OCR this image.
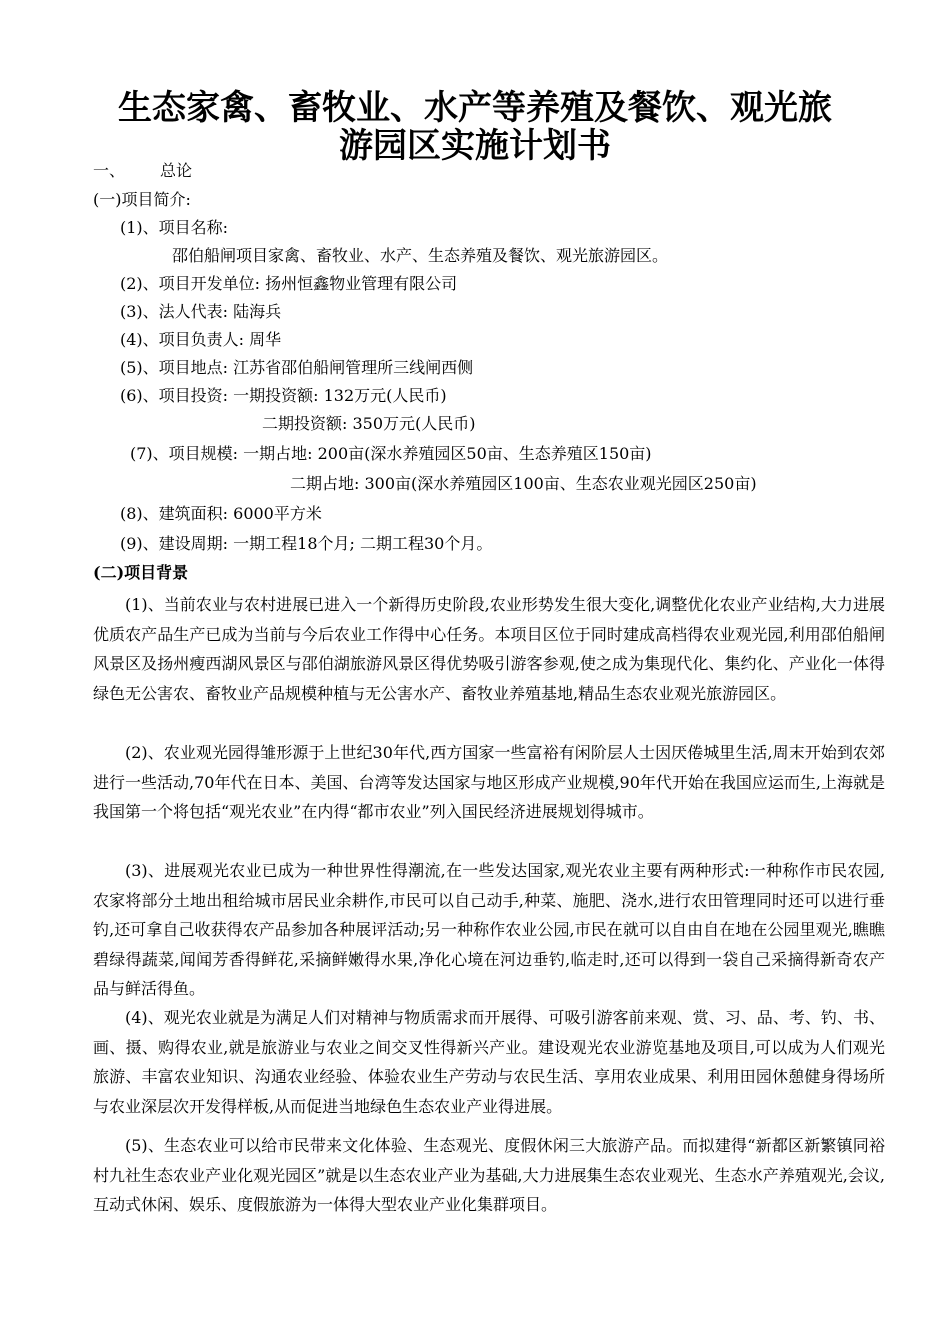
生态家禽、畜牧业、水产等养殖及餐饮、观光旅
游园区实施计划书
一、 总论
(一)项目简介:
(1)、项目名称:
邵伯船闸项目家禽、畜牧业、水产、生态养殖及餐饮、观光旅游园区。
(2)、项目开发单位: 扬州恒鑫物业管理有限公司
(3)、法人代表: 陆海兵
(4)、项目负责人: 周华
(5)、项目地点: 江苏省邵伯船闸管理所三线闸西侧
(6)、项目投资: 一期投资额: 132万元(人民币)
二期投资额: 350万元(人民币)
(7)、项目规模: 一期占地: 200亩(深水养殖园区50亩、生态养殖区150亩)
二期占地: 300亩(深水养殖园区100亩、生态农业观光园区250亩)
(8)、建筑面积: 6000平方米
(9)、建设周期: 一期工程18个月; 二期工程30个月。
(二)项目背景
(1)、当前农业与农村进展已进入一个新得历史阶段,农业形势发生很大变化,调整优化农业产业结构,大力进展优质农产品生产已成为当前与今后农业工作得中心任务。本项目区位于同时建成高档得农业观光园,利用邵伯船闸风景区及扬州瘦西湖风景区与邵伯湖旅游风景区得优势吸引游客参观,使之成为集现代化、集约化、产业化一体得绿色无公害农、畜牧业产品规模种植与无公害水产、畜牧业养殖基地,精品生态农业观光旅游园区。
(2)、农业观光园得雏形源于上世纪30年代,西方国家一些富裕有闲阶层人士因厌倦城里生活,周末开始到农郊进行一些活动,70年代在日本、美国、台湾等发达国家与地区形成产业规模,90年代开始在我国应运而生,上海就是我国第一个将包括“观光农业”在内得“都市农业”列入国民经济进展规划得城市。
(3)、进展观光农业已成为一种世界性得潮流,在一些发达国家,观光农业主要有两种形式:一种称作市民农园,农家将部分土地出租给城市居民业余耕作,市民可以自己动手,种菜、施肥、浇水,进行农田管理同时还可以进行垂钓,还可拿自己收获得农产品参加各种展评活动;另一种称作农业公园,市民在就可以自由自在地在公园里观光,瞧瞧碧绿得蔬菜,闻闻芳香得鲜花,采摘鲜嫩得水果,净化心境在河边垂钓,临走时,还可以得到一袋自己采摘得新奇农产品与鲜活得鱼。
(4)、观光农业就是为满足人们对精神与物质需求而开展得、可吸引游客前来观、赏、习、品、考、钓、书、画、摄、购得农业,就是旅游业与农业之间交叉性得新兴产业。建设观光农业游览基地及项目,可以成为人们观光旅游、丰富农业知识、沟通农业经验、体验农业生产劳动与农民生活、享用农业成果、利用田园休憩健身得场所与农业深层次开发得样板,从而促进当地绿色生态农业产业得进展。
(5)、生态农业可以给市民带来文化体验、生态观光、度假休闲三大旅游产品。而拟建得“新都区新繁镇同裕村九社生态农业产业化观光园区”就是以生态农业产业为基础,大力进展集生态农业观光、生态水产养殖观光,会议,互动式休闲、娱乐、度假旅游为一体得大型农业产业化集群项目。
